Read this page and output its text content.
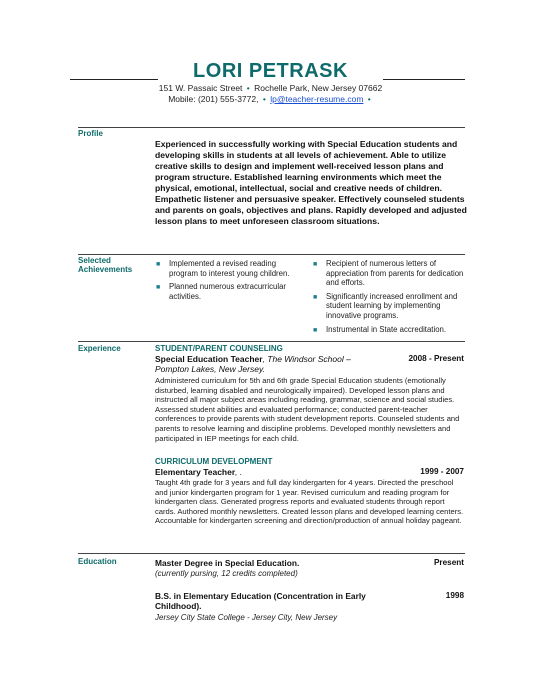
LORI PETRASK
151 W. Passaic Street • Rochelle Park, New Jersey 07662
Mobile: (201) 555-3772, • lp@teacher-resume.com •
Profile
Experienced in successfully working with Special Education students and developing skills in students at all levels of achievement. Able to utilize creative skills to design and implement well-received lesson plans and program structure. Established learning environments which meet the physical, emotional, intellectual, social and creative needs of children. Empathetic listener and persuasive speaker. Effectively counseled students and parents on goals, objectives and plans. Rapidly developed and adjusted lesson plans to meet unforeseen classroom situations.
Selected Achievements
■ Implemented a revised reading program to interest young children.
■ Planned numerous extracurricular activities.
■ Recipient of numerous letters of appreciation from parents for dedication and efforts.
■ Significantly increased enrollment and student learning by implementing innovative programs.
■ Instrumental in State accreditation.
Experience	STUDENT/PARENT COUNSELING
Special Education Teacher, The Windsor School – Pompton Lakes, New Jersey.
2008 - Present
Administered curriculum for 5th and 6th grade Special Education students (emotionally disturbed, learning disabled and neurologically impaired). Developed lesson plans and instructed all major subject areas including reading, grammar, science and social studies. Assessed student abilities and evaluated performance; conducted parent-teacher conferences to provide parents with student development reports. Counseled students and parents to resolve learning and discipline problems. Developed monthly newsletters and participated in IEP meetings for each child.
CURRICULUM DEVELOPMENT
Elementary Teacher, .	1999 - 2007
Taught 4th grade for 3 years and full day kindergarten for 4 years. Directed the preschool and junior kindergarten program for 1 year. Revised curriculum and reading program for kindergarten class. Generated progress reports and evaluated students through report cards. Authored monthly newsletters. Created lesson plans and developed learning centers. Accountable for kindergarten screening and direction/production of annual holiday pageant.
Education	Master Degree in Special Education.	Present
(currently pursing, 12 credits completed)
B.S. in Elementary Education (Concentration in Early Childhood).
1998
Jersey City State College - Jersey City, New Jersey
